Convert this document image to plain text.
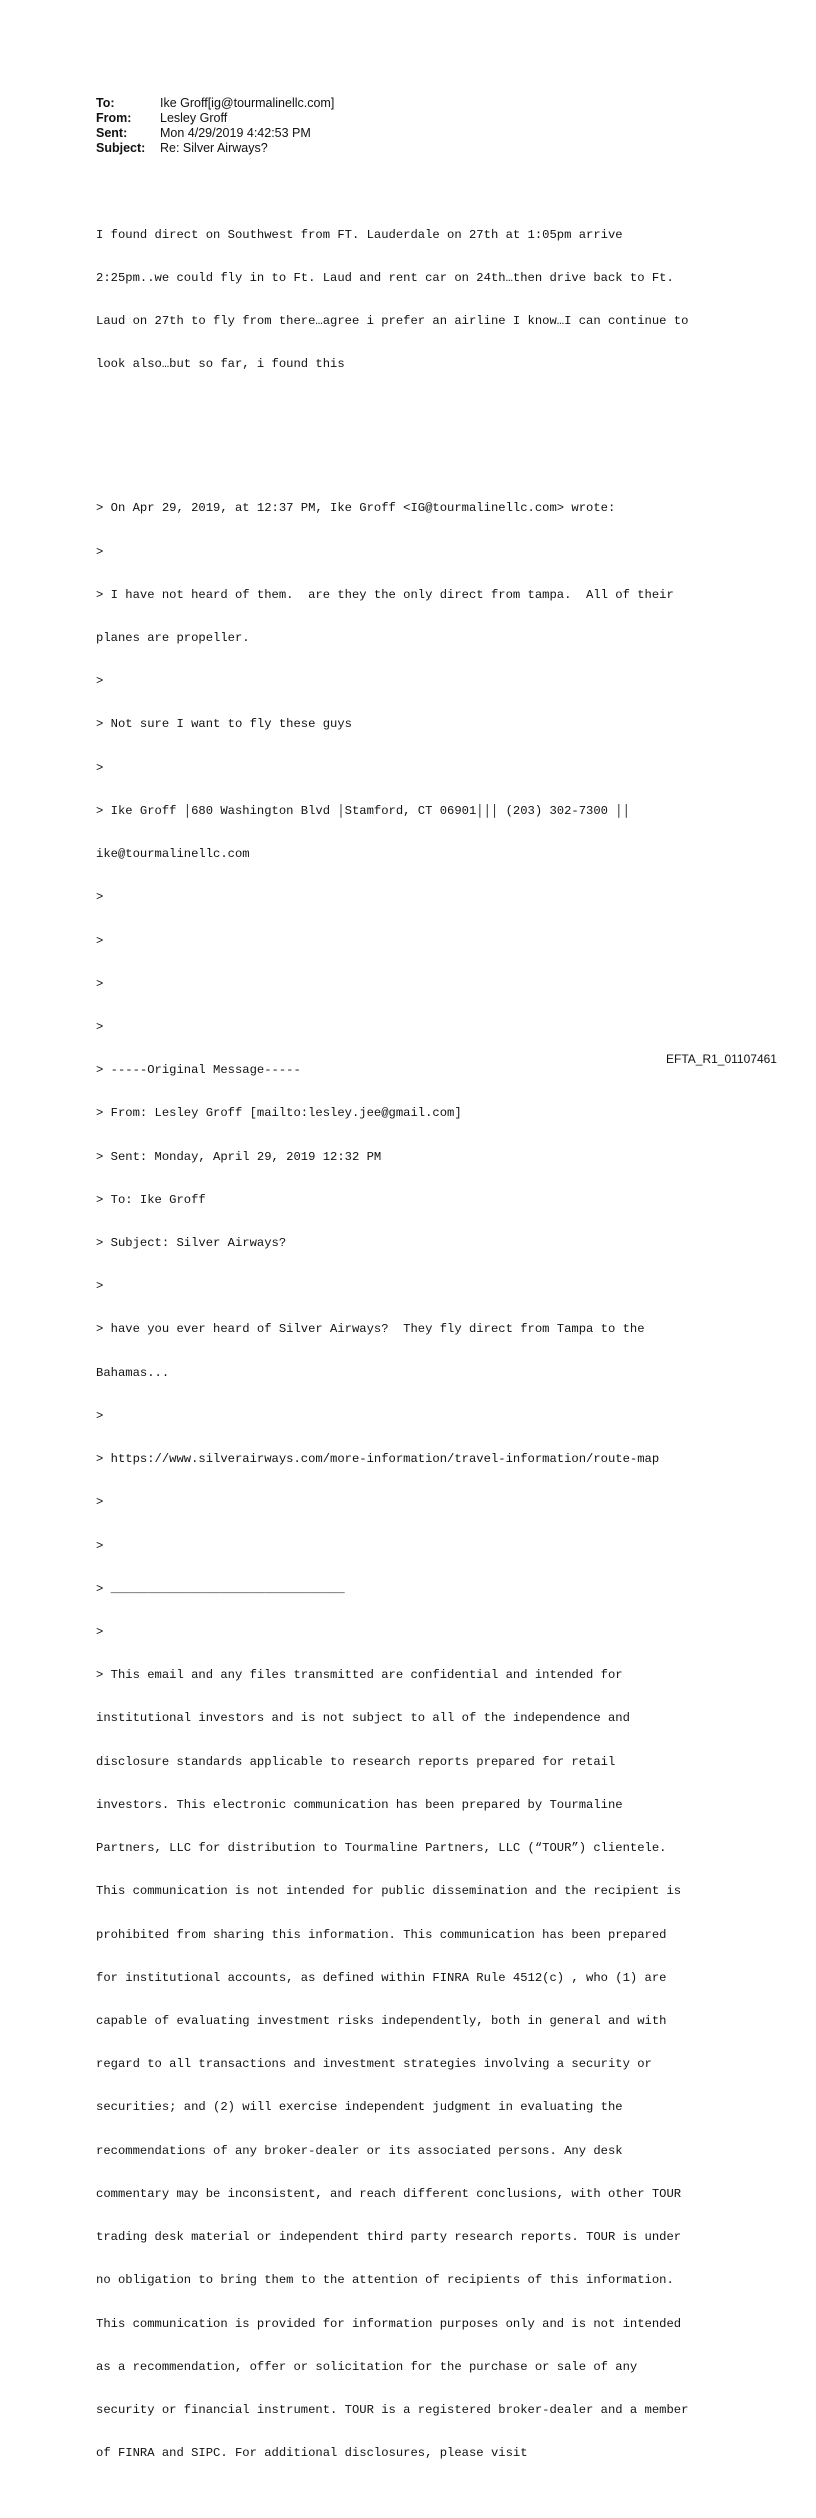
To:	Ike Groff[ig@tourmalinellc.com]
From:	Lesley Groff
Sent:	Mon 4/29/2019 4:42:53 PM
Subject:	Re: Silver Airways?

I found direct on Southwest from FT. Lauderdale on 27th at 1:05pm arrive

2:25pm..we could fly in to Ft. Laud and rent car on 24th…then drive back to Ft.

Laud on 27th to fly from there…agree i prefer an airline I know…I can continue to

look also…but so far, i found this

> On Apr 29, 2019, at 12:37 PM, Ike Groff <IG@tourmalinellc.com> wrote:

>

> I have not heard of them.  are they the only direct from tampa.  All of their

planes are propeller.

>

> Not sure I want to fly these guys

>

> Ike Groff │680 Washington Blvd │Stamford, CT 06901│││ (203) 302-7300 ││

ike@tourmalinellc.com

>

>

>

>

> -----Original Message-----

> From: Lesley Groff [mailto:lesley.jee@gmail.com]

> Sent: Monday, April 29, 2019 12:32 PM

> To: Ike Groff

> Subject: Silver Airways?

>

> have you ever heard of Silver Airways?  They fly direct from Tampa to the

Bahamas...

>

> https://www.silverairways.com/more-information/travel-information/route-map

>

>

> ________________________________

>

> This email and any files transmitted are confidential and intended for

institutional investors and is not subject to all of the independence and

disclosure standards applicable to research reports prepared for retail

investors. This electronic communication has been prepared by Tourmaline

Partners, LLC for distribution to Tourmaline Partners, LLC (“TOUR”) clientele.

This communication is not intended for public dissemination and the recipient is

prohibited from sharing this information. This communication has been prepared

for institutional accounts, as defined within FINRA Rule 4512(c) , who (1) are

capable of evaluating investment risks independently, both in general and with

regard to all transactions and investment strategies involving a security or

securities; and (2) will exercise independent judgment in evaluating the

recommendations of any broker-dealer or its associated persons. Any desk

commentary may be inconsistent, and reach different conclusions, with other TOUR

trading desk material or independent third party research reports. TOUR is under

no obligation to bring them to the attention of recipients of this information.

This communication is provided for information purposes only and is not intended

as a recommendation, offer or solicitation for the purchase or sale of any

security or financial instrument. TOUR is a registered broker-dealer and a member

of FINRA and SIPC. For additional disclosures, please visit

EFTA_R1_01107461
